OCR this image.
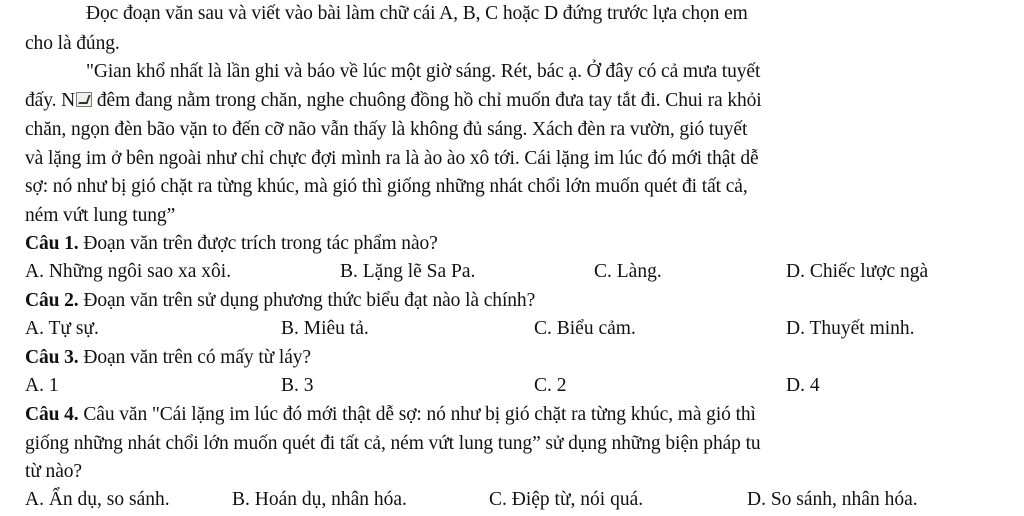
Đọc đoạn văn sau và viết vào bài làm chữ cái A, B, C hoặc D đứng trước lựa chọn em
cho là đúng.
"Gian khổ nhất là lần ghi và báo về lúc một giờ sáng. Rét, bác ạ. Ở đây có cả mưa tuyết
đấy. N đêm đang nằm trong chăn, nghe chuông đồng hồ chỉ muốn đưa tay tắt đi. Chui ra khỏi
chăn, ngọn đèn bão vặn to đến cỡ não vẫn thấy là không đủ sáng. Xách đèn ra vườn, gió tuyết
và lặng im ở bên ngoài như chỉ chực đợi mình ra là ào ào xô tới. Cái lặng im lúc đó mới thật dễ
sợ: nó như bị gió chặt ra từng khúc, mà gió thì giống những nhát chổi lớn muốn quét đi tất cả,
ném vứt lung tung”
Câu 1. Đoạn văn trên được trích trong tác phẩm nào?
A. Những ngôi sao xa xôi.	B. Lặng lẽ Sa Pa.	C. Làng.	D. Chiếc lược ngà
Câu 2. Đoạn văn trên sử dụng phương thức biểu đạt nào là chính?
A. Tự sự.	B. Miêu tả.	C. Biểu cảm.	D. Thuyết minh.
Câu 3. Đoạn văn trên có mấy từ láy?
A. 1	B. 3	C. 2	D. 4
Câu 4. Câu văn "Cái lặng im lúc đó mới thật dễ sợ: nó như bị gió chặt ra từng khúc, mà gió thì
giống những nhát chổi lớn muốn quét đi tất cả, ném vứt lung tung” sử dụng những biện pháp tu
từ nào?
A. Ẩn dụ, so sánh.	B. Hoán dụ, nhân hóa.	C. Điệp từ, nói quá.	D. So sánh, nhân hóa.
